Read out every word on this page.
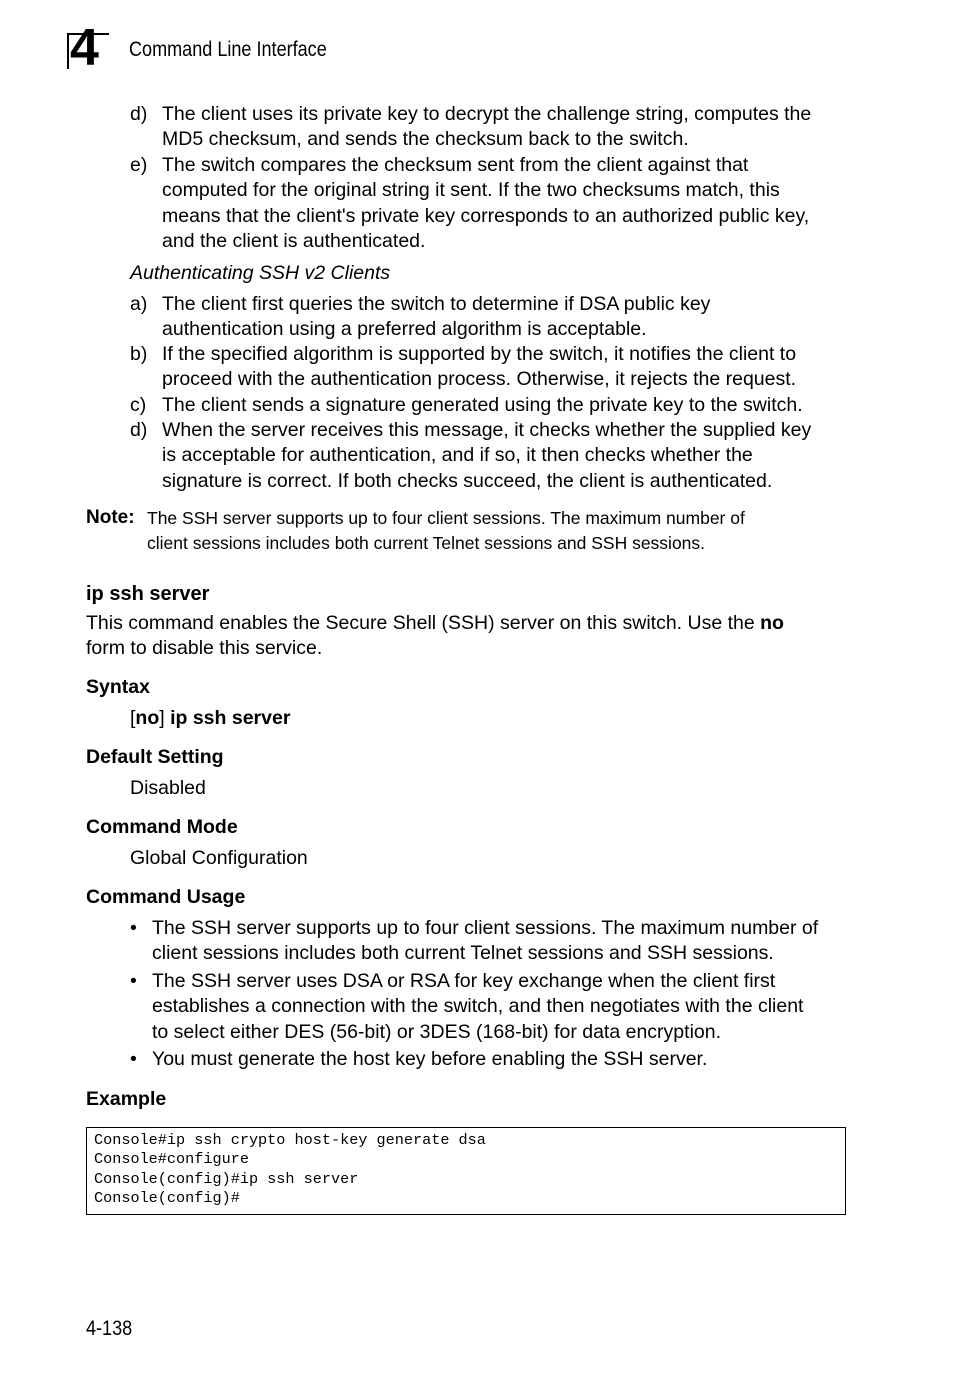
4 Command Line Interface
d) The client uses its private key to decrypt the challenge string, computes the
MD5 checksum, and sends the checksum back to the switch.
e) The switch compares the checksum sent from the client against that
computed for the original string it sent. If the two checksums match, this
means that the client's private key corresponds to an authorized public key,
and the client is authenticated.
Authenticating SSH v2 Clients
a) The client first queries the switch to determine if DSA public key
authentication using a preferred algorithm is acceptable.
b) If the specified algorithm is supported by the switch, it notifies the client to
proceed with the authentication process. Otherwise, it rejects the request.
c) The client sends a signature generated using the private key to the switch.
d) When the server receives this message, it checks whether the supplied key
is acceptable for authentication, and if so, it then checks whether the
signature is correct. If both checks succeed, the client is authenticated.
Note: The SSH server supports up to four client sessions. The maximum number of
client sessions includes both current Telnet sessions and SSH sessions.
ip ssh server
This command enables the Secure Shell (SSH) server on this switch. Use the no
form to disable this service.
Syntax
[no] ip ssh server
Default Setting
Disabled
Command Mode
Global Configuration
Command Usage
• The SSH server supports up to four client sessions. The maximum number of
client sessions includes both current Telnet sessions and SSH sessions.
• The SSH server uses DSA or RSA for key exchange when the client first
establishes a connection with the switch, and then negotiates with the client
to select either DES (56-bit) or 3DES (168-bit) for data encryption.
• You must generate the host key before enabling the SSH server.
Example
Console#ip ssh crypto host-key generate dsa
Console#configure
Console(config)#ip ssh server
Console(config)#
4-138
